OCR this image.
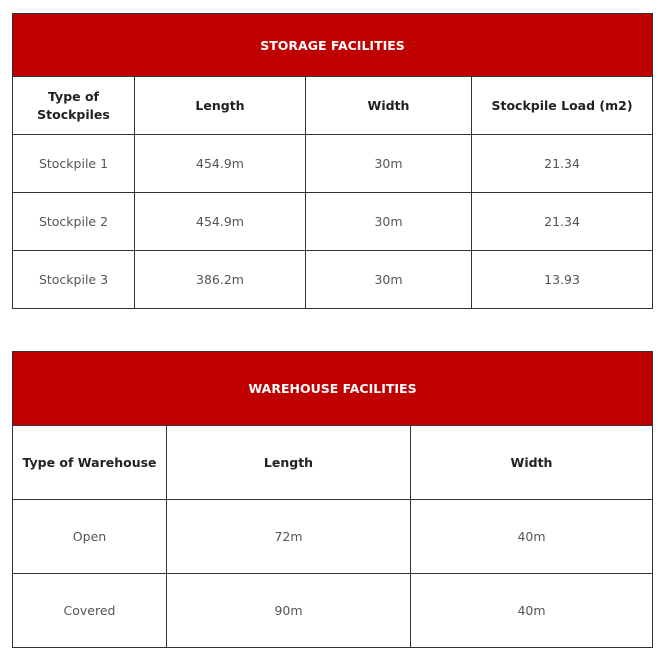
STORAGE FACILITIES			
Type of
Stockpiles	Length	Width	Stockpile Load (m2)
Stockpile 1	454.9m	30m	21.34
Stockpile 2	454.9m	30m	21.34
Stockpile 3	386.2m	30m	13.93
WAREHOUSE FACILITIES		
Type of Warehouse	Length	Width
Open	72m	40m
Covered	90m	40m
